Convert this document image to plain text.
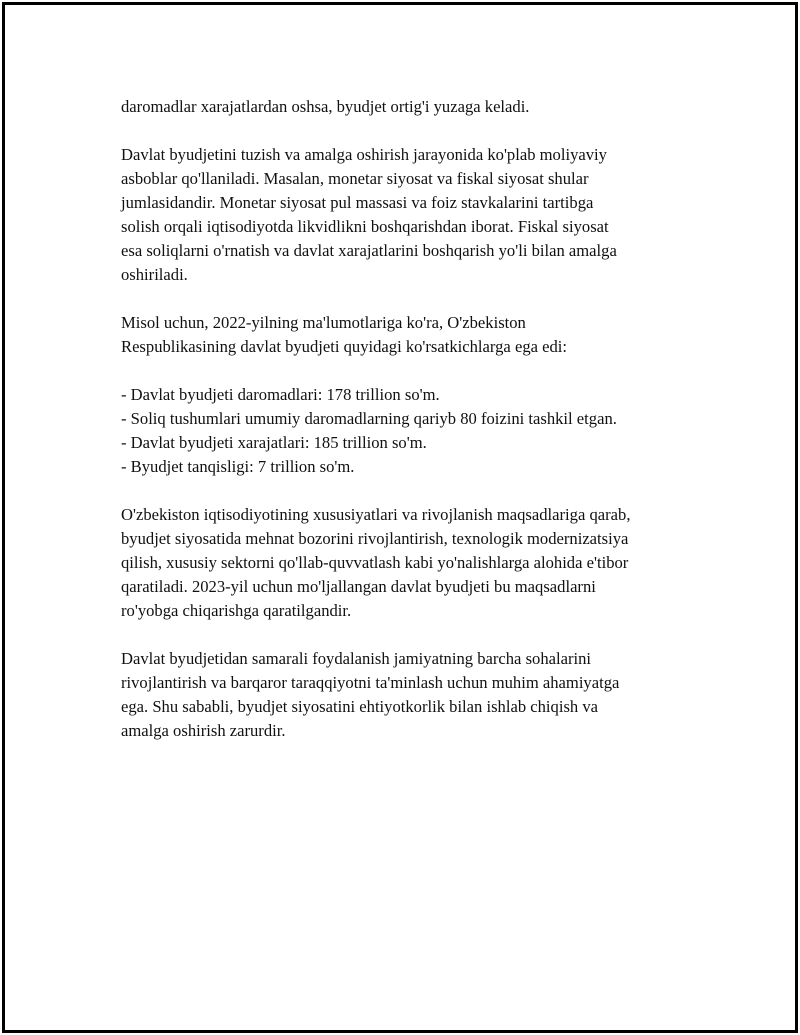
daromadlar xarajatlardan oshsa, byudjet ortig'i yuzaga keladi.

Davlat byudjetini tuzish va amalga oshirish jarayonida ko'plab moliyaviy
asboblar qo'llaniladi. Masalan, monetar siyosat va fiskal siyosat shular
jumlasidandir. Monetar siyosat pul massasi va foiz stavkalarini tartibga
solish orqali iqtisodiyotda likvidlikni boshqarishdan iborat. Fiskal siyosat
esa soliqlarni o'rnatish va davlat xarajatlarini boshqarish yo'li bilan amalga
oshiriladi.

Misol uchun, 2022-yilning ma'lumotlariga ko'ra, O'zbekiston
Respublikasining davlat byudjeti quyidagi ko'rsatkichlarga ega edi:

- Davlat byudjeti daromadlari: 178 trillion so'm.
- Soliq tushumlari umumiy daromadlarning qariyb 80 foizini tashkil etgan.
- Davlat byudjeti xarajatlari: 185 trillion so'm.
- Byudjet tanqisligi: 7 trillion so'm.

O'zbekiston iqtisodiyotining xususiyatlari va rivojlanish maqsadlariga qarab,
byudjet siyosatida mehnat bozorini rivojlantirish, texnologik modernizatsiya
qilish, xususiy sektorni qo'llab-quvvatlash kabi yo'nalishlarga alohida e'tibor
qaratiladi. 2023-yil uchun mo'ljallangan davlat byudjeti bu maqsadlarni
ro'yobga chiqarishga qaratilgandir.

Davlat byudjetidan samarali foydalanish jamiyatning barcha sohalarini
rivojlantirish va barqaror taraqqiyotni ta'minlash uchun muhim ahamiyatga
ega. Shu sababli, byudjet siyosatini ehtiyotkorlik bilan ishlab chiqish va
amalga oshirish zarurdir.
